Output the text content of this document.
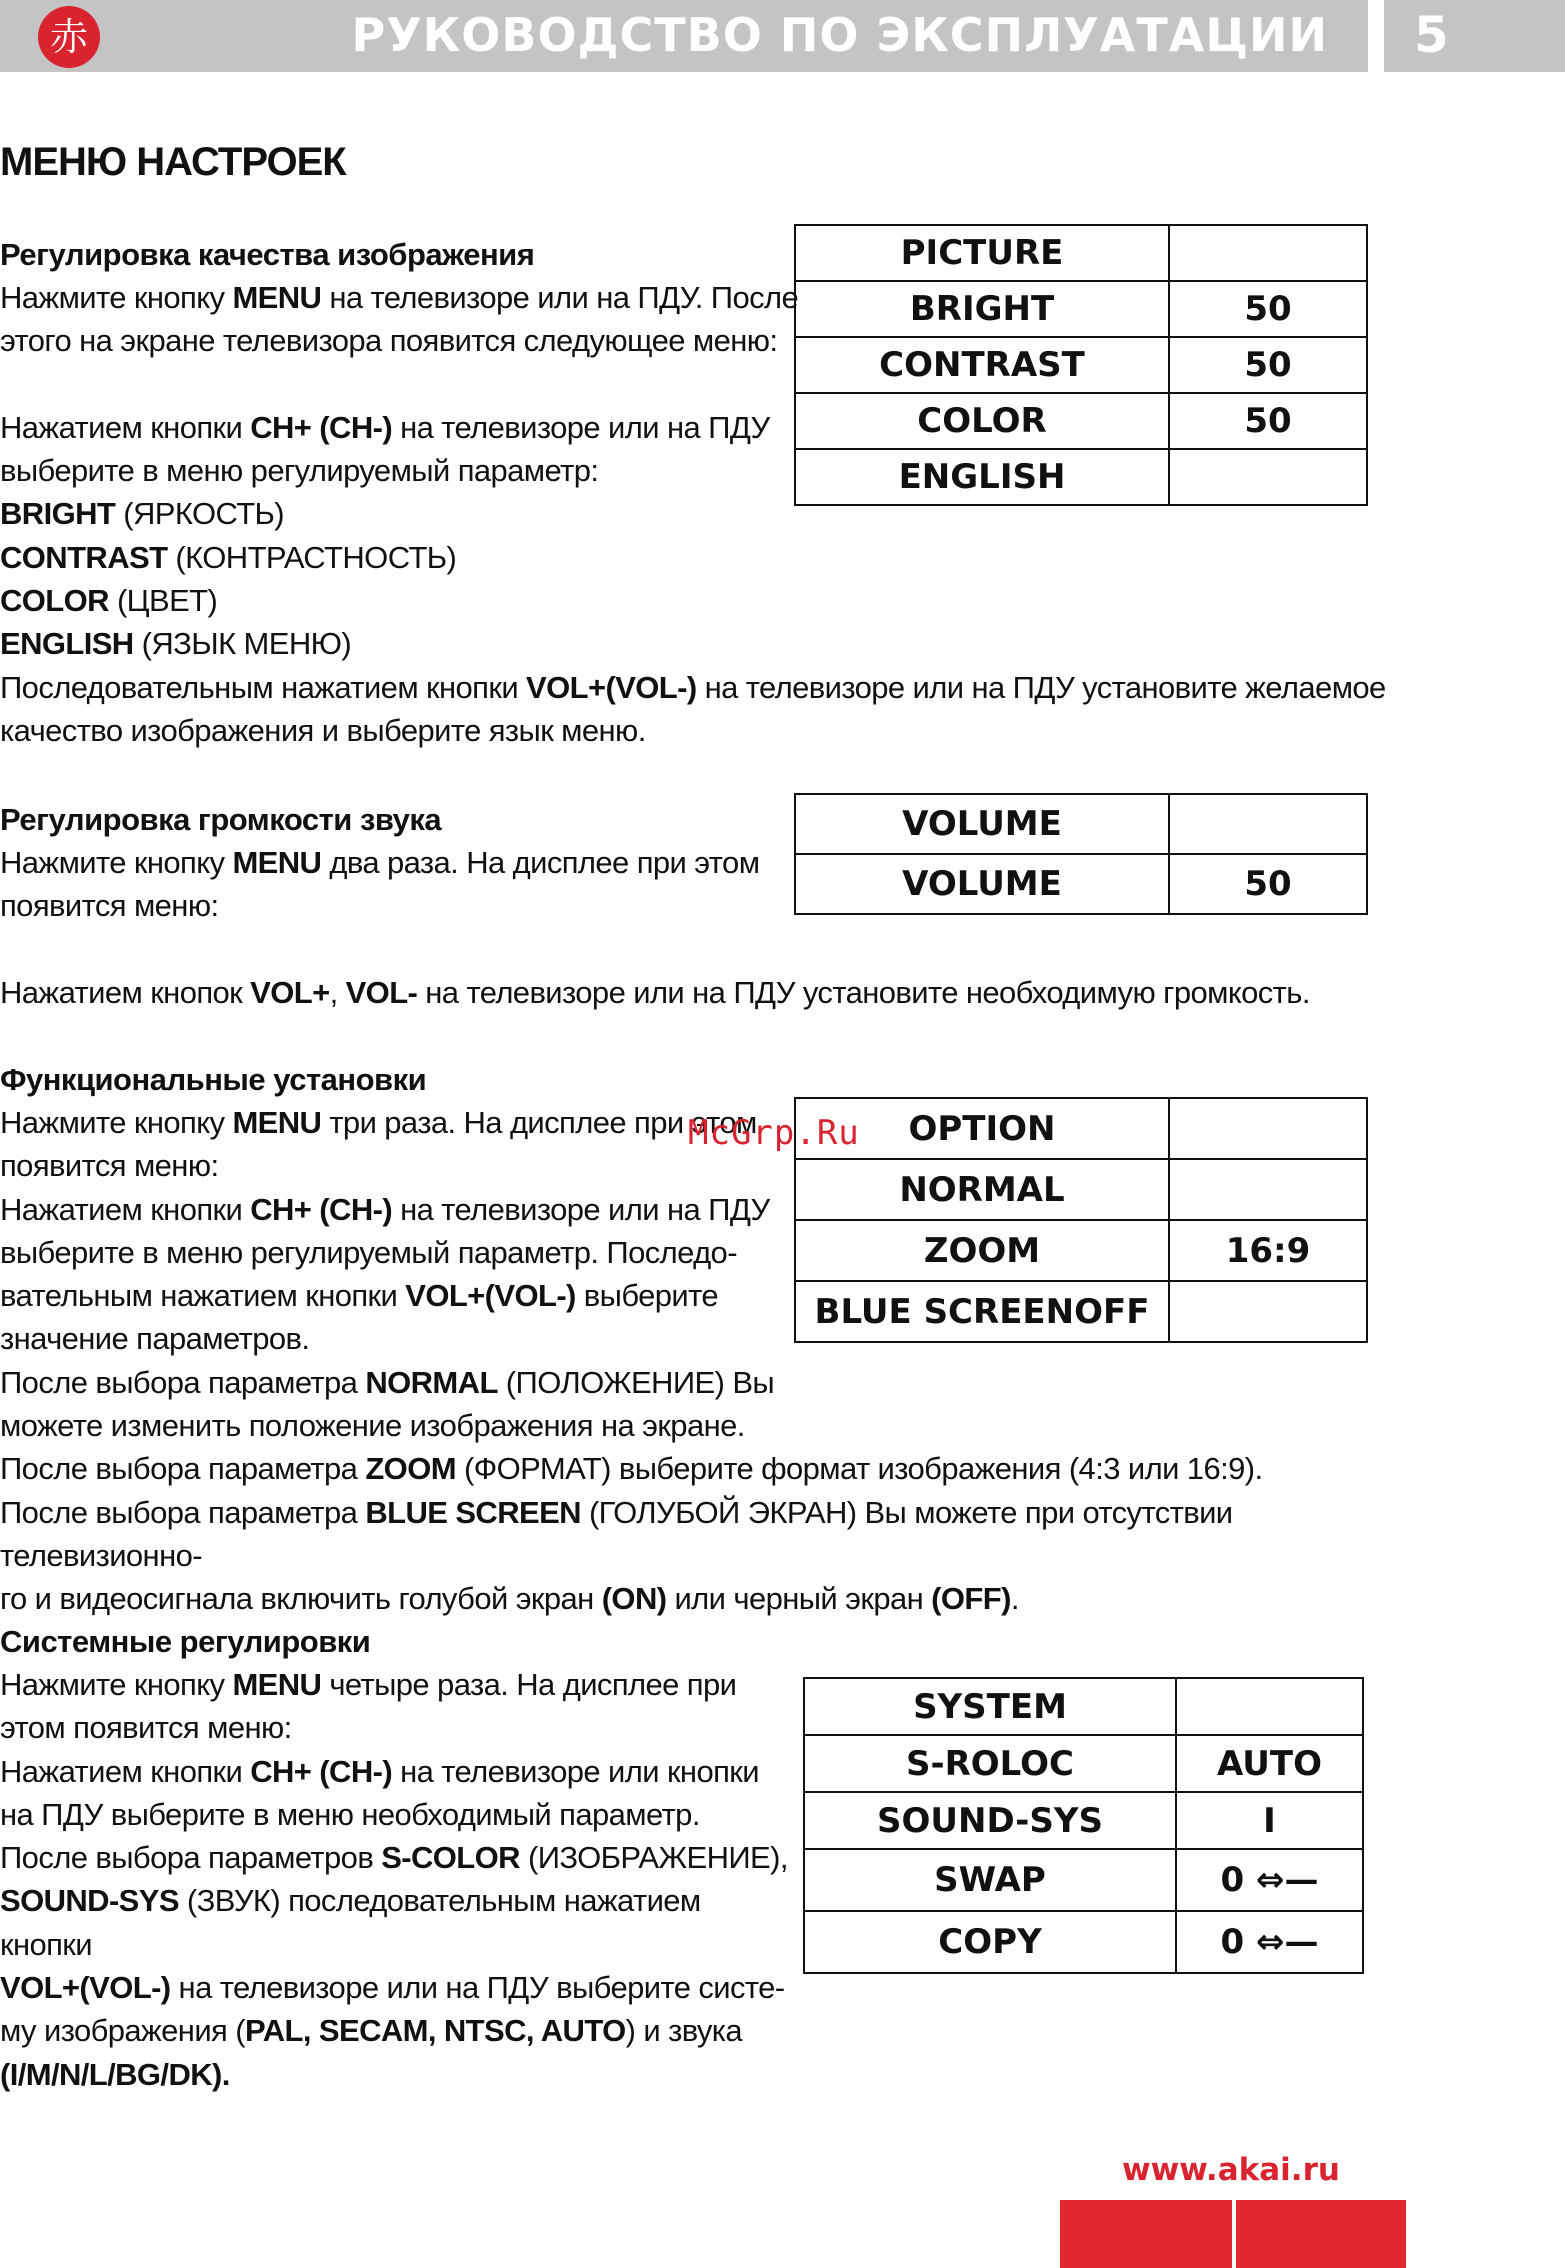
РУКОВОДСТВО ПО ЭКСПЛУАТАЦИИ 5
赤
МЕНЮ НАСТРОЕК
Регулировка качества изображения

Нажмите кнопку MENU на телевизоре или на ПДУ. После

этого на экране телевизора появится следующее меню:

Нажатием кнопки CH+ (CH-) на телевизоре или на ПДУ

выберите в меню регулируемый параметр:

BRIGHT (ЯРКОСТЬ)

CONTRAST (КОНТРАСТНОСТЬ)

COLOR (ЦВЕТ)

ENGLISH (ЯЗЫК МЕНЮ)

Последовательным нажатием кнопки VOL+(VOL-) на телевизоре или на ПДУ установите желаемое

качество изображения и выберите язык меню.

PICTURE	
BRIGHT	50
CONTRAST	50
COLOR	50
ENGLISH	
Регулировка громкости звука

Нажмите кнопку MENU два раза. На дисплее при этом

появится меню:

Нажатием кнопок VOL+, VOL- на телевизоре или на ПДУ установите необходимую громкость.

VOLUME	
VOLUME	50
Функциональные установки

Нажмите кнопку MENU три раза. На дисплее при этом

появится меню:

Нажатием кнопки CH+ (CH-) на телевизоре или на ПДУ

выберите в меню регулируемый параметр. Последо-

вательным нажатием кнопки VOL+(VOL-) выберите

значение параметров.

После выбора параметра NORMAL (ПОЛОЖЕНИЕ) Вы

можете изменить положение изображения на экране.

После выбора параметра ZOOM (ФОРМАТ) выберите формат изображения (4:3 или 16:9).

После выбора параметра BLUE SCREEN (ГОЛУБОЙ ЭКРАН) Вы можете при отсутствии телевизионно-

го и видеосигнала включить голубой экран (ON) или черный экран (OFF).

OPTION	
NORMAL	
ZOOM	16:9
BLUE SCREENOFF	
McGrp.Ru
Системные регулировки

Нажмите кнопку MENU четыре раза. На дисплее при

этом появится меню:

Нажатием кнопки CH+ (CH-) на телевизоре или кнопки

на ПДУ выберите в меню необходимый параметр.

После выбора параметров S-COLOR (ИЗОБРАЖЕНИЕ),

SOUND-SYS (ЗВУК) последовательным нажатием кнопки

VOL+(VOL-) на телевизоре или на ПДУ выберите систе-

му изображения (PAL, SECAM, NTSC, AUTO) и звука

(I/M/N/L/BG/DK).

SYSTEM	
S-ROLOC	AUTO
SOUND-SYS	I
SWAP	0 ⇔—
COPY	0 ⇔—
www.akai.ru
